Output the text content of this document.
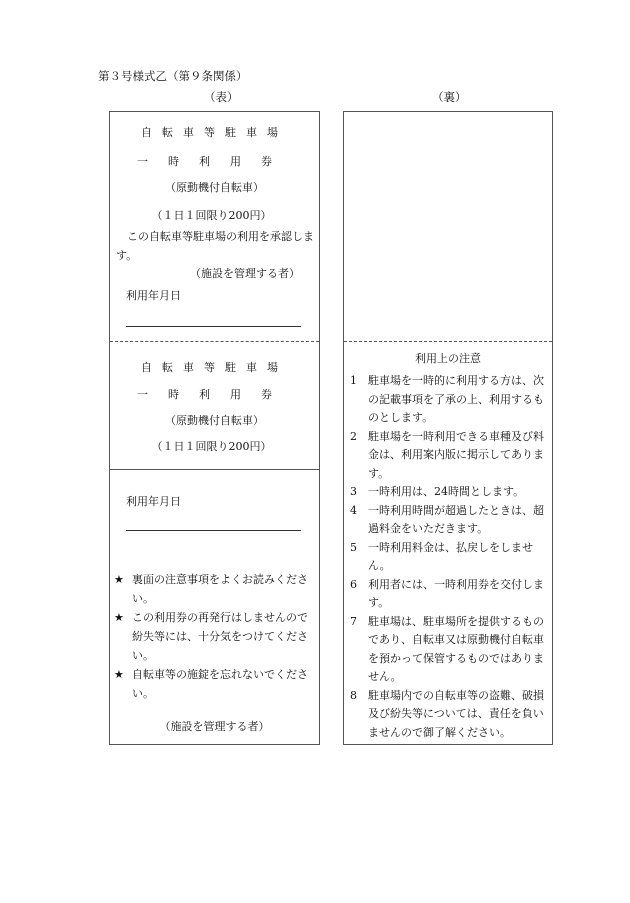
第３号様式乙（第９条関係）
（表）	（裏）
自転車等駐車場
一時利用券
（原動機付自転車）
（１日１回限り200円）
この自転車等駐車場の利用を承認します。
（施設を管理する者）
利用年月日
自転車等駐車場
一時利用券
（原動機付自転車）
（１日１回限り200円）
利用年月日
★ 裏面の注意事項をよくお読みください。
★ この利用券の再発行はしませんので紛失等には、十分気をつけてください。
★ 自転車等の施錠を忘れないでください。
（施設を管理する者）
利用上の注意
1 駐車場を一時的に利用する方は、次の記載事項を了承の上、利用するものとします。
2 駐車場を一時利用できる車種及び料金は、利用案内版に掲示してあります。
3 一時利用は、24時間とします。
4 一時利用時間が超過したときは、超過料金をいただきます。
5 一時利用料金は、払戻しをしません。
6 利用者には、一時利用券を交付します。
7 駐車場は、駐車場所を提供するものであり、自転車又は原動機付自転車を預かって保管するものではありません。
8 駐車場内での自転車等の盗難、破損及び紛失等については、責任を負いませんので御了解ください。
